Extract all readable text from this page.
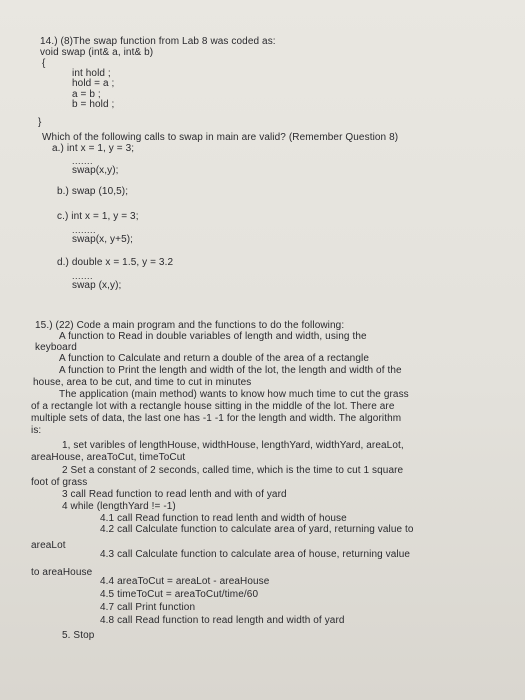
14.) (8)The swap function from Lab 8 was coded as:
void swap (int& a, int& b)
{
int hold ;
hold = a ;
a = b ;
b = hold ;
}
Which of the following calls to swap in main are valid? (Remember Question 8)
a.) int x = 1, y = 3;
.......
swap(x,y);
b.) swap (10,5);
c.) int x = 1, y = 3;
........
swap(x, y+5);
d.) double x = 1.5, y = 3.2
.......
swap (x,y);
15.) (22) Code a main program and the functions to do the following:
A function to Read in double variables of length and width, using the
keyboard
A function to Calculate and return a double of the area of a rectangle
A function to Print the length and width of the lot, the length and width of the
house, area to be cut, and time to cut in minutes
The application (main method) wants to know how much time to cut the grass
of a rectangle lot with a rectangle house sitting in the middle of the lot. There are
multiple sets of data, the last one has -1 -1 for the length and width. The algorithm
is:
1, set varibles of lengthHouse, widthHouse, lengthYard, widthYard, areaLot,
areaHouse, areaToCut, timeToCut
2 Set a constant of 2 seconds, called time, which is the time to cut 1 square
foot of grass
3 call Read function to read lenth and with of yard
4 while (lengthYard != -1)
4.1 call Read function to read lenth and width of house
4.2 call Calculate function to calculate area of yard, returning value to
areaLot
4.3 call Calculate function to calculate area of house, returning value
to areaHouse
4.4 areaToCut = areaLot - areaHouse
4.5 timeToCut = areaToCut/time/60
4.7 call Print function
4.8 call Read function to read length and width of yard
5. Stop
